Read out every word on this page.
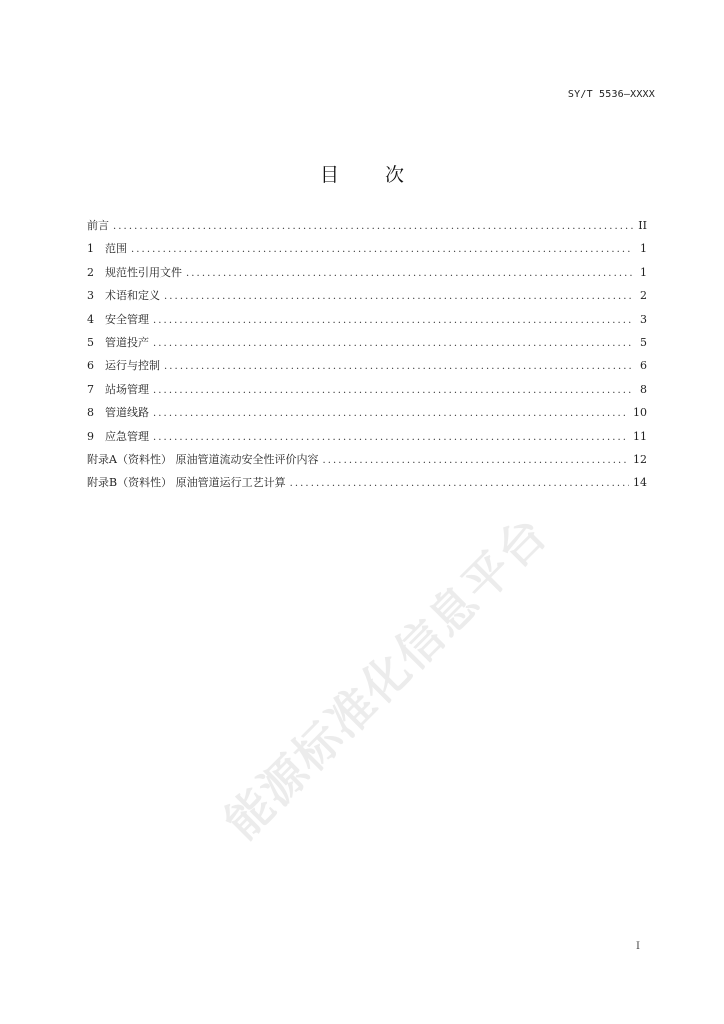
SY/T 5536—XXXX
目 次
前言 .....	II
1	范围 .....	1
2	规范性引用文件 .....	1
3	术语和定义 .....	2
4	安全管理 .....	3
5	管道投产 .....	5
6	运行与控制 .....	6
7	站场管理 .....	8
8	管道线路 .....	10
9	应急管理 .....	11
附录A（资料性） 原油管道流动安全性评价内容 .....	12
附录B（资料性） 原油管道运行工艺计算 .....	14
能源标准化信息平台
I
